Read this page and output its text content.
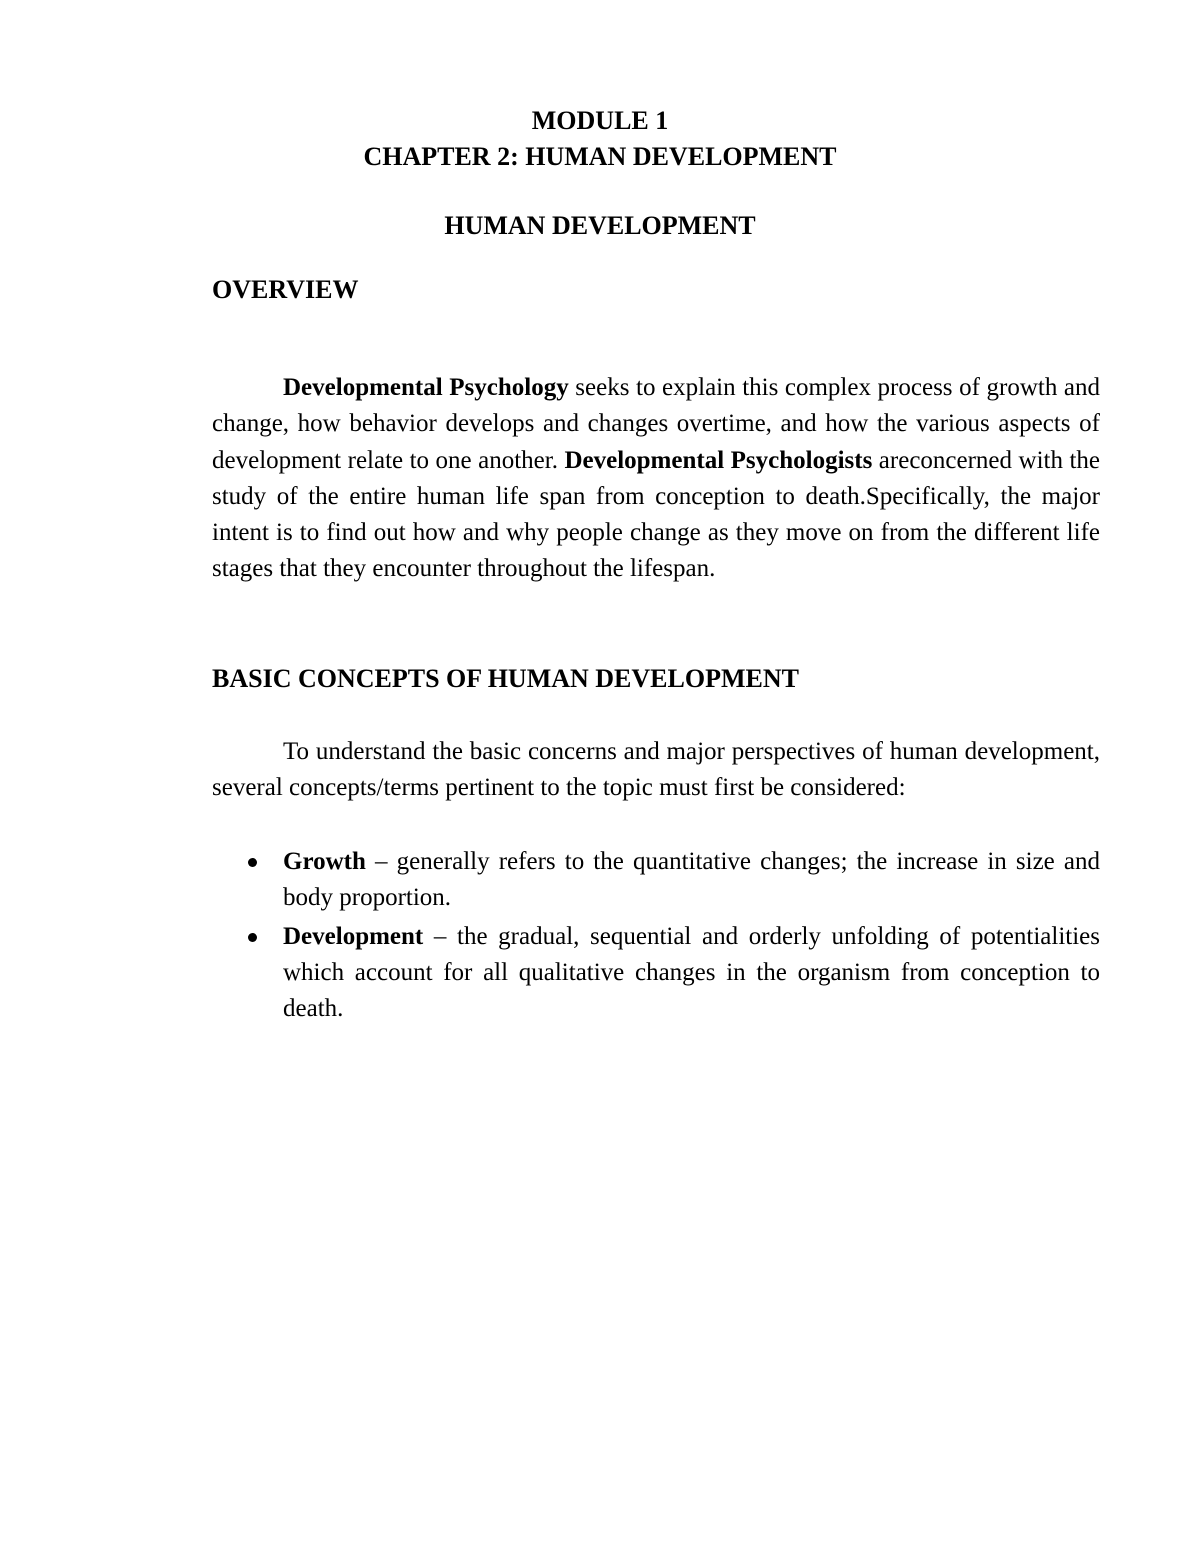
MODULE 1
CHAPTER 2: HUMAN DEVELOPMENT
HUMAN DEVELOPMENT
OVERVIEW
Developmental Psychology seeks to explain this complex process of growth and change, how behavior develops and changes overtime, and how the various aspects of development relate to one another. Developmental Psychologists areconcerned with the study of the entire human life span from conception to death.Specifically, the major intent is to find out how and why people change as they move on from the different life stages that they encounter throughout the lifespan.
BASIC CONCEPTS OF HUMAN DEVELOPMENT
To understand the basic concerns and major perspectives of human development, several concepts/terms pertinent to the topic must first be considered:
Growth – generally refers to the quantitative changes; the increase in size and body proportion.
Development – the gradual, sequential and orderly unfolding of potentialities which account for all qualitative changes in the organism from conception to death.
